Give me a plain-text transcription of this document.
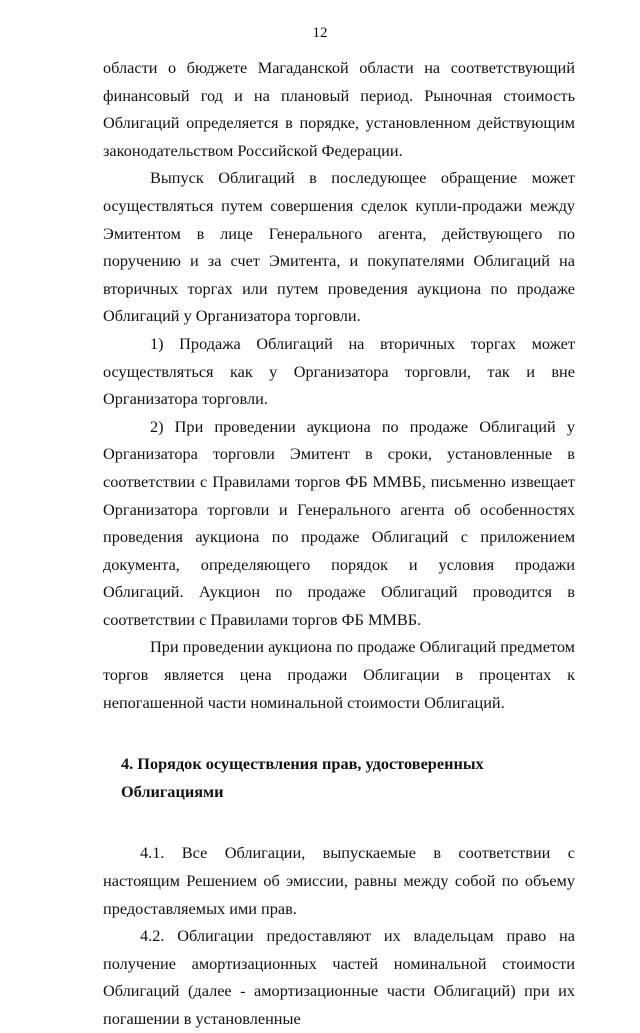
12

области о бюджете Магаданской области на соответствующий финансовый год и на плановый период. Рыночная стоимость Облигаций определяется в порядке, установленном действующим законодательством Российской Федерации.

Выпуск Облигаций в последующее обращение может осуществляться путем совершения сделок купли-продажи между Эмитентом в лице Генерального агента, действующего по поручению и за счет Эмитента, и покупателями Облигаций на вторичных торгах или путем проведения аукциона по продаже Облигаций у Организатора торговли.

1) Продажа Облигаций на вторичных торгах может осуществляться как у Организатора торговли, так и вне Организатора торговли.

2) При проведении аукциона по продаже Облигаций у Организатора торговли Эмитент в сроки, установленные в соответствии с Правилами торгов ФБ ММВБ, письменно извещает Организатора торговли и Генерального агента об особенностях проведения аукциона по продаже Облигаций с приложением документа, определяющего порядок и условия продажи Облигаций. Аукцион по продаже Облигаций проводится в соответствии с Правилами торгов ФБ ММВБ.

При проведении аукциона по продаже Облигаций предметом торгов является цена продажи Облигации в процентах к непогашенной части номинальной стоимости Облигаций.

4. Порядок осуществления прав, удостоверенных Облигациями

4.1. Все Облигации, выпускаемые в соответствии с настоящим Решением об эмиссии, равны между собой по объему предоставляемых ими прав.

4.2. Облигации предоставляют их владельцам право на получение амортизационных частей номинальной стоимости Облигаций (далее - амортизационные части Облигаций) при их погашении в установленные
